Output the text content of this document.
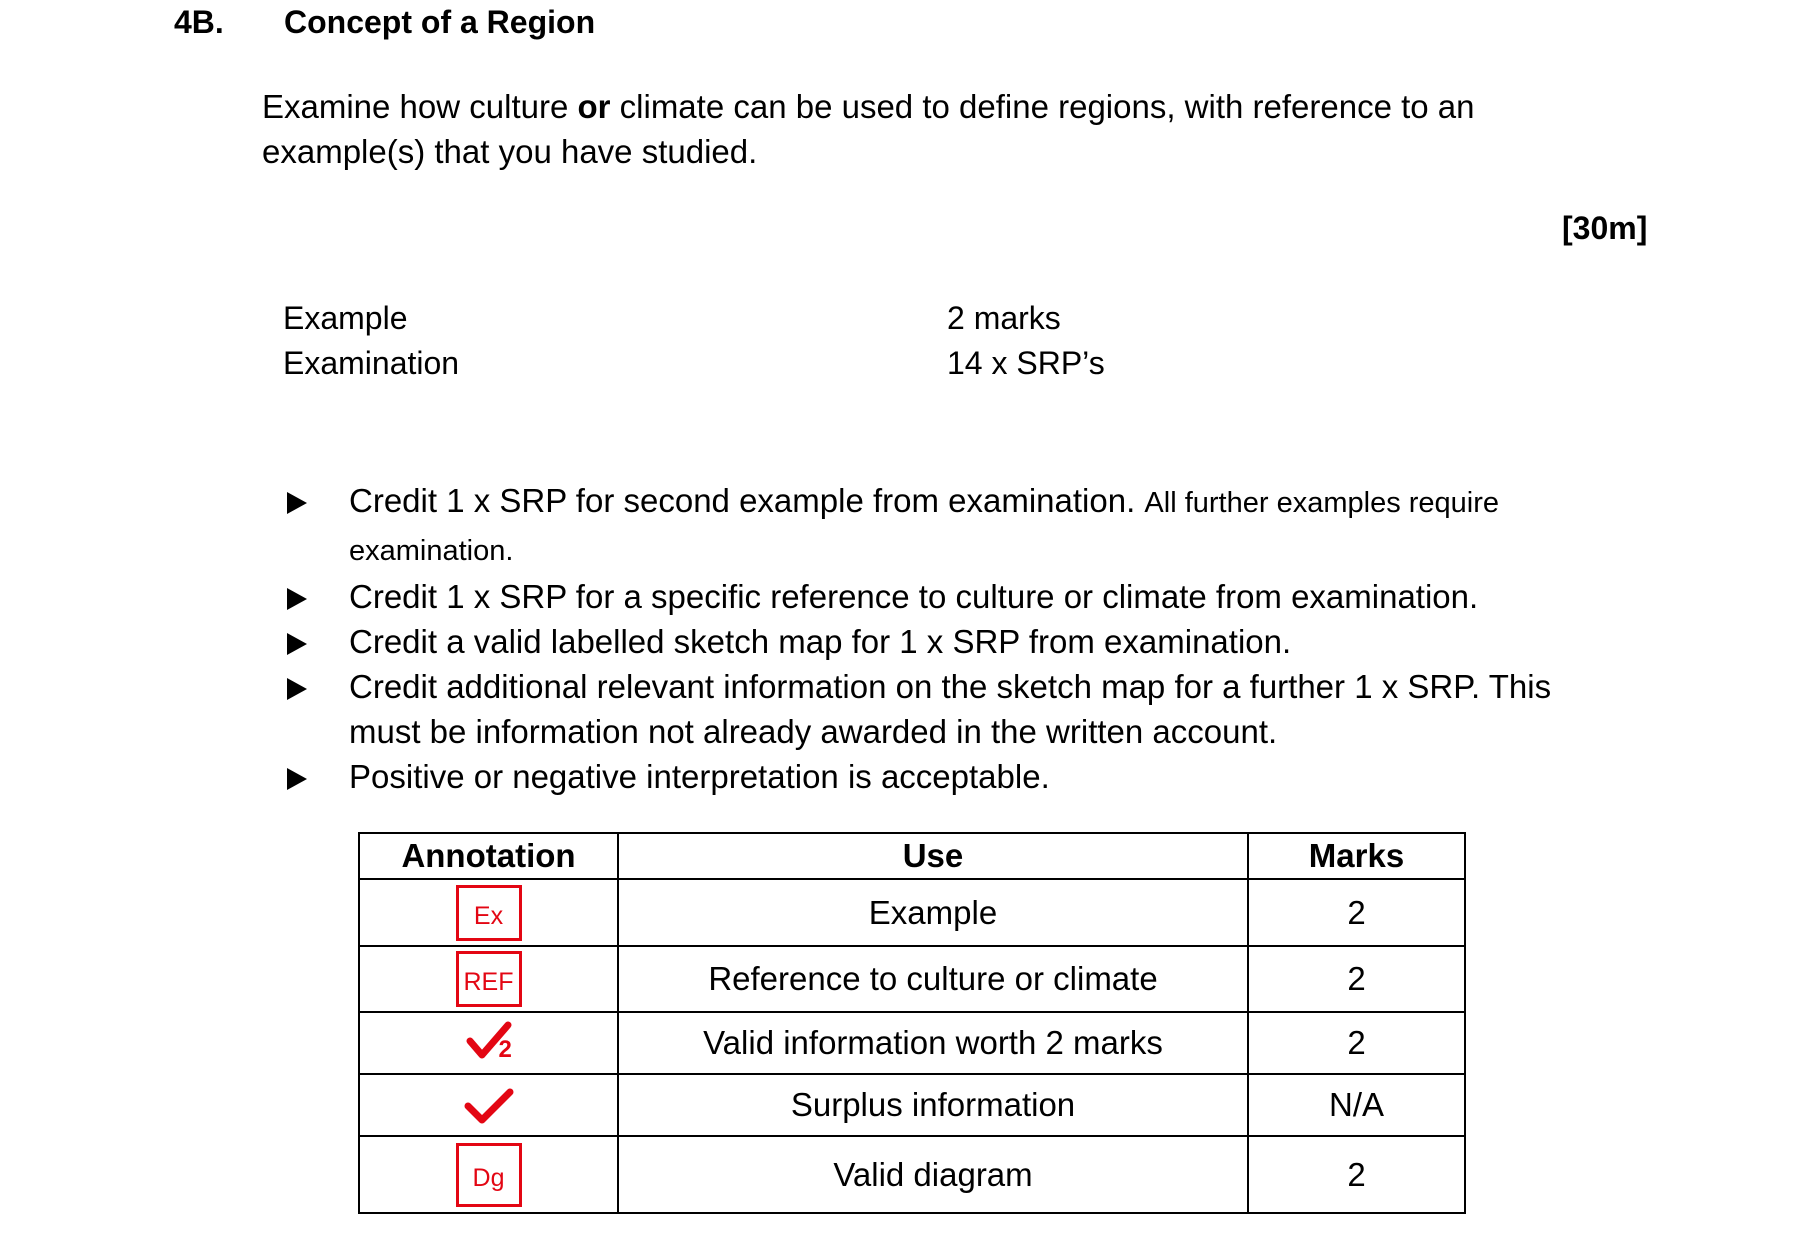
4B. Concept of a Region
Examine how culture or climate can be used to define regions, with reference to an example(s) that you have studied.
[30m]
Example	2 marks
Examination	14 x SRP’s
Credit 1 x SRP for second example from examination. All further examples require examination.
Credit 1 x SRP for a specific reference to culture or climate from examination.
Credit a valid labelled sketch map for 1 x SRP from examination.
Credit additional relevant information on the sketch map for a further 1 x SRP. This must be information not already awarded in the written account.
Positive or negative interpretation is acceptable.
Annotation	Use	Marks
Ex	Example	2
REF	Reference to culture or climate	2

2	Valid information worth 2 marks	2
	Surplus information	N/A
Dg	Valid diagram	2
